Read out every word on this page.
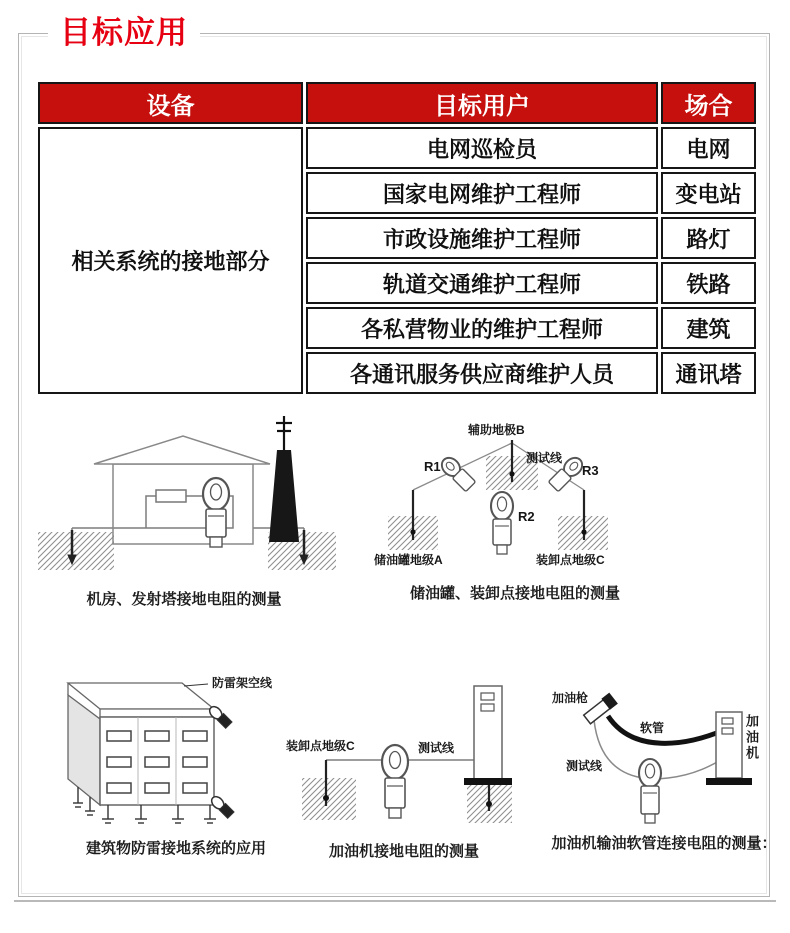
目标应用
设备	目标用户	场合
相关系统的接地部分	电网巡检员	电网
	国家电网维护工程师	变电站
	市政设施维护工程师	路灯
	轨道交通维护工程师	铁路
	各私营物业的维护工程师	建筑
	各通讯服务供应商维护人员	通讯塔
机房、发射塔接地电阻的测量
辅助地极B
测试线
R1	R3
R2
储油罐地级A	装卸点地级C
储油罐、装卸点接地电阻的测量
防雷架空线
建筑物防雷接地系统的应用
装卸点地级C	测试线
加油机接地电阻的测量
加油枪
软管
测试线
加油机
加油机输油软管连接电阻的测量：
